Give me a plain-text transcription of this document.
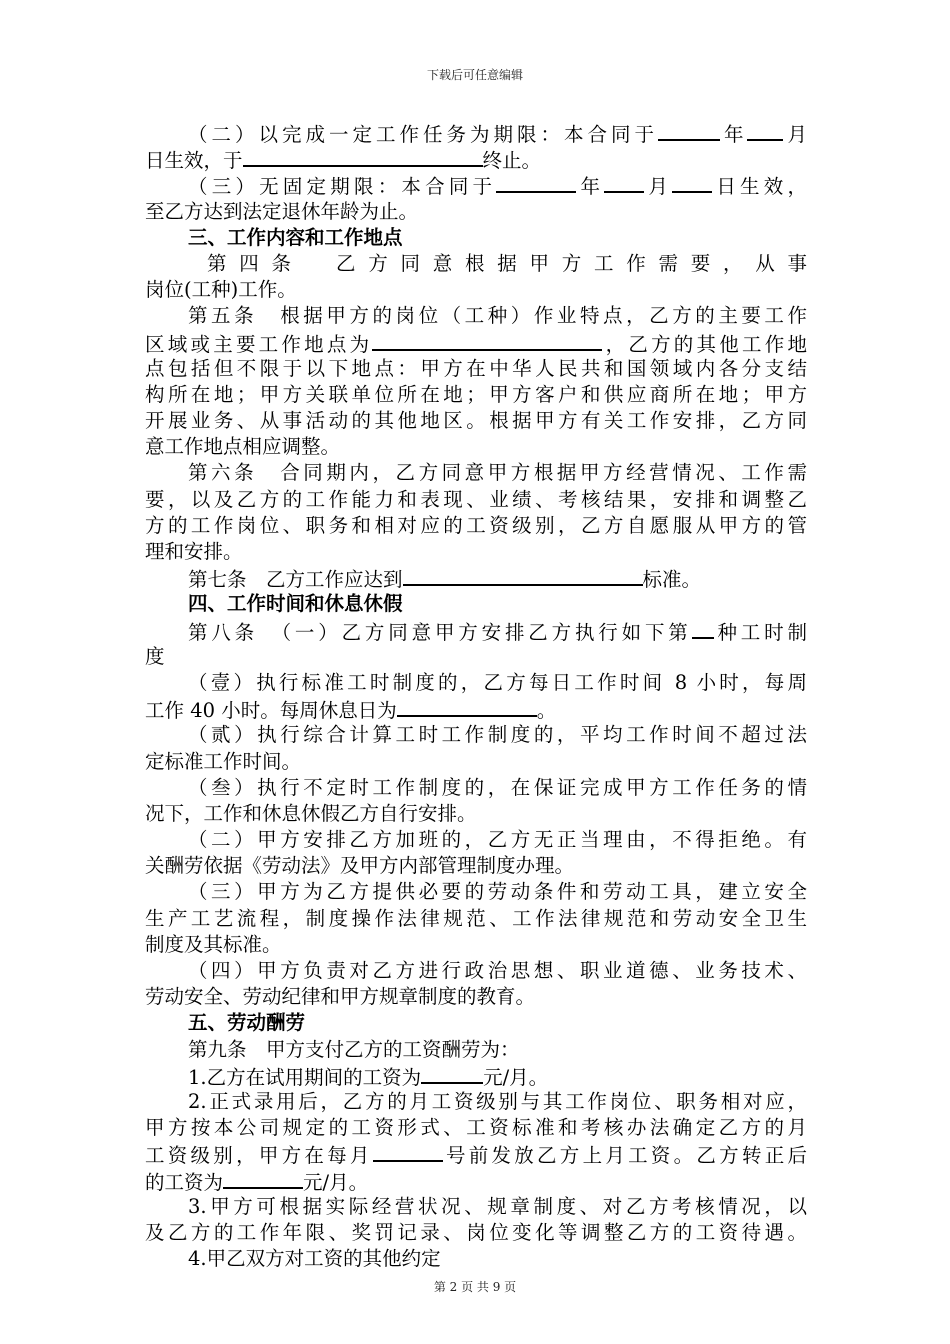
下载后可任意编辑
（二）以完成一定工作任务为期限：本合同于	年 月
日生效，于	终止。
（三）无固定期限：本合同于	年 月 日生效，
至乙方达到法定退休年龄为止。
三、工作内容和工作地点
第四条　乙方同意根据甲方工作需要，从事
岗位(工种)工作。
第五条　根据甲方的岗位（工种）作业特点，乙方的主要工作
区域或主要工作地点为	，乙方的其他工作地
点包括但不限于以下地点：甲方在中华人民共和国领域内各分支结
构所在地；甲方关联单位所在地；甲方客户和供应商所在地；甲方
开展业务、从事活动的其他地区。根据甲方有关工作安排，乙方同
意工作地点相应调整。
第六条　合同期内，乙方同意甲方根据甲方经营情况、工作需
要，以及乙方的工作能力和表现、业绩、考核结果，安排和调整乙
方的工作岗位、职务和相对应的工资级别，乙方自愿服从甲方的管
理和安排。
第七条　乙方工作应达到	标准。
四、工作时间和休息休假
第八条　（一）乙方同意甲方安排乙方执行如下第 种工时制
度
（壹）执行标准工时制度的，乙方每日工作时间 8 小时，每周
工作 40 小时。每周休息日为	。
（贰）执行综合计算工时工作制度的，平均工作时间不超过法
定标准工作时间。
（叁）执行不定时工作制度的，在保证完成甲方工作任务的情
况下，工作和休息休假乙方自行安排。
（二）甲方安排乙方加班的，乙方无正当理由，不得拒绝。有
关酬劳依据《劳动法》及甲方内部管理制度办理。
（三）甲方为乙方提供必要的劳动条件和劳动工具，建立安全
生产工艺流程，制度操作法律规范、工作法律规范和劳动安全卫生
制度及其标准。
（四）甲方负责对乙方进行政治思想、职业道德、业务技术、
劳动安全、劳动纪律和甲方规章制度的教育。
五、劳动酬劳
第九条　甲方支付乙方的工资酬劳为：
1.乙方在试用期间的工资为	元/月。
2.正式录用后，乙方的月工资级别与其工作岗位、职务相对应，
甲方按本公司规定的工资形式、工资标准和考核办法确定乙方的月
工资级别，甲方在每月	号前发放乙方上月工资。乙方转正后
的工资为	元/月。
3.甲方可根据实际经营状况、规章制度、对乙方考核情况，以
及乙方的工作年限、奖罚记录、岗位变化等调整乙方的工资待遇。
4.甲乙双方对工资的其他约定
第 2 页 共 9 页
